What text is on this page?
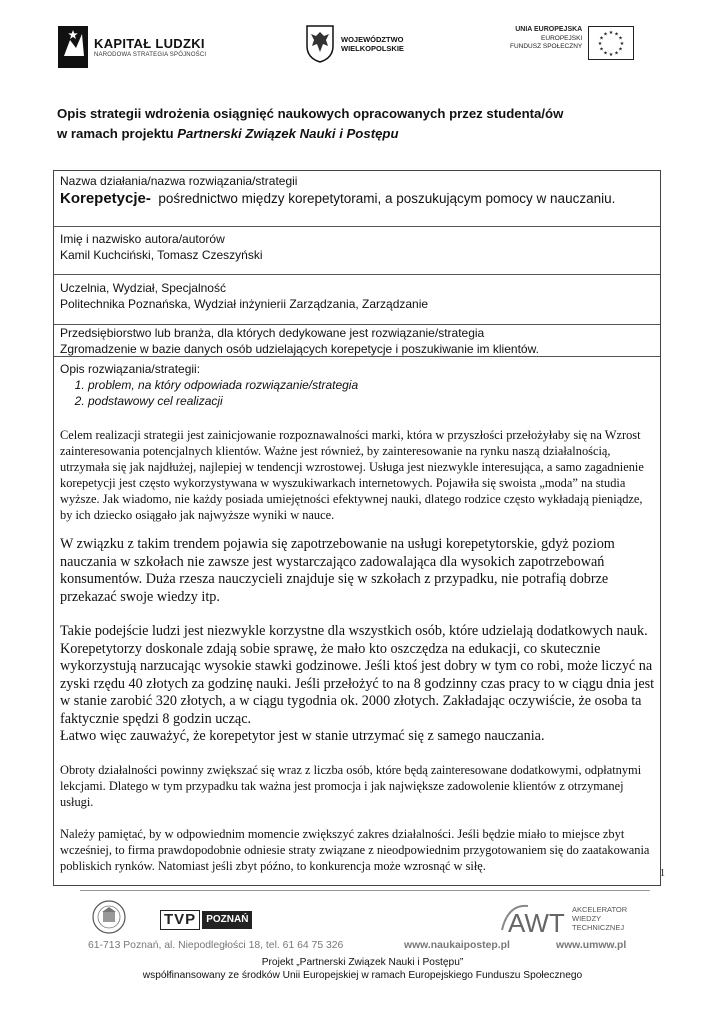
KAPITAŁ LUDZKI
NARODOWA STRATEGIA SPÓJNOŚCI
WOJEWÓDZTWO
WIELKOPOLSKIE
UNIA EUROPEJSKA
EUROPEJSKI
FUNDUSZ SPOŁECZNY
★ ★
★
★
★
★
★
★
★
★
★
★
Opis strategii wdrożenia osiągnięć naukowych opracowanych przez studenta/ów
w ramach projektu Partnerski Związek Nauki i Postępu
Nazwa działania/nazwa rozwiązania/strategii
Korepetycje- pośrednictwo między korepetytorami, a poszukującym pomocy w nauczaniu.
Imię i nazwisko autora/autorów
Kamil Kuchciński, Tomasz Czeszyński
Uczelnia, Wydział, Specjalność
Politechnika Poznańska, Wydział inżynierii Zarządzania, Zarządzanie
Przedsiębiorstwo lub branża, dla których dedykowane jest rozwiązanie/strategia
Zgromadzenie w bazie danych osób udzielających korepetycje i poszukiwanie im klientów.

Opis rozwiązania/strategii:

1. problem, na który odpowiada rozwiązanie/strategia
2. podstawowy cel realizacji

Celem realizacji strategii jest zainicjowanie rozpoznawalności marki, która w przyszłości przełożyłaby się na Wzrost zainteresowania potencjalnych klientów. Ważne jest również, by zainteresowanie na rynku naszą działalnością, utrzymała się jak najdłużej, najlepiej w tendencji wzrostowej. Usługa jest niezwykle interesująca, a samo zagadnienie korepetycji jest często wykorzystywana w wyszukiwarkach internetowych. Pojawiła się swoista „moda” na studia wyższe. Jak wiadomo, nie każdy posiada umiejętności efektywnej nauki, dlatego rodzice często wykładają pieniądze, by ich dziecko osiągało jak najwyższe wyniki w nauce.

W związku z takim trendem pojawia się zapotrzebowanie na usługi korepetytorskie, gdyż poziom nauczania w szkołach nie zawsze jest wystarczająco zadowalająca dla wysokich zapotrzebowań konsumentów. Duża rzesza nauczycieli znajduje się w szkołach z przypadku, nie potrafią dobrze przekazać swoje wiedzy itp.

Takie podejście ludzi jest niezwykle korzystne dla wszystkich osób, które udzielają dodatkowych nauk. Korepetytorzy doskonale zdają sobie sprawę, że mało kto oszczędza na edukacji, co skutecznie wykorzystują narzucając wysokie stawki godzinowe. Jeśli ktoś jest dobry w tym co robi, może liczyć na zyski rzędu 40 złotych za godzinę nauki. Jeśli przełożyć to na 8 godzinny czas pracy to w ciągu dnia jest w stanie zarobić 320 złotych, a w ciągu tygodnia ok. 2000 złotych. Zakładając oczywiście, że osoba ta faktycznie spędzi 8 godzin ucząc.

Łatwo więc zauważyć, że korepetytor jest w stanie utrzymać się z samego nauczania.

Obroty działalności powinny zwiększać się wraz z liczba osób, które będą zainteresowane dodatkowymi, odpłatnymi lekcjami. Dlatego w tym przypadku tak ważna jest promocja i jak największe zadowolenie klientów z otrzymanej usługi.

Należy pamiętać, by w odpowiednim momencie zwiększyć zakres działalności. Jeśli będzie miało to miejsce zbyt wcześniej, to firma prawdopodobnie odniesie straty związane z nieodpowiednim przygotowaniem się do zaatakowania pobliskich rynków. Natomiast jeśli zbyt późno, to konkurencja może wzrosnąć w siłę.

1
TVP	POZNAŃ	AWT AKCELERATOR
WIEDZY
TECHNICZNEJ
61-713 Poznań, al. Niepodległości 18, tel. 61 64 75 326	www.naukaipostep.pl	www.umww.pl
Projekt „Partnerski Związek Nauki i Postępu”
współfinansowany ze środków Unii Europejskiej w ramach Europejskiego Funduszu Społecznego
